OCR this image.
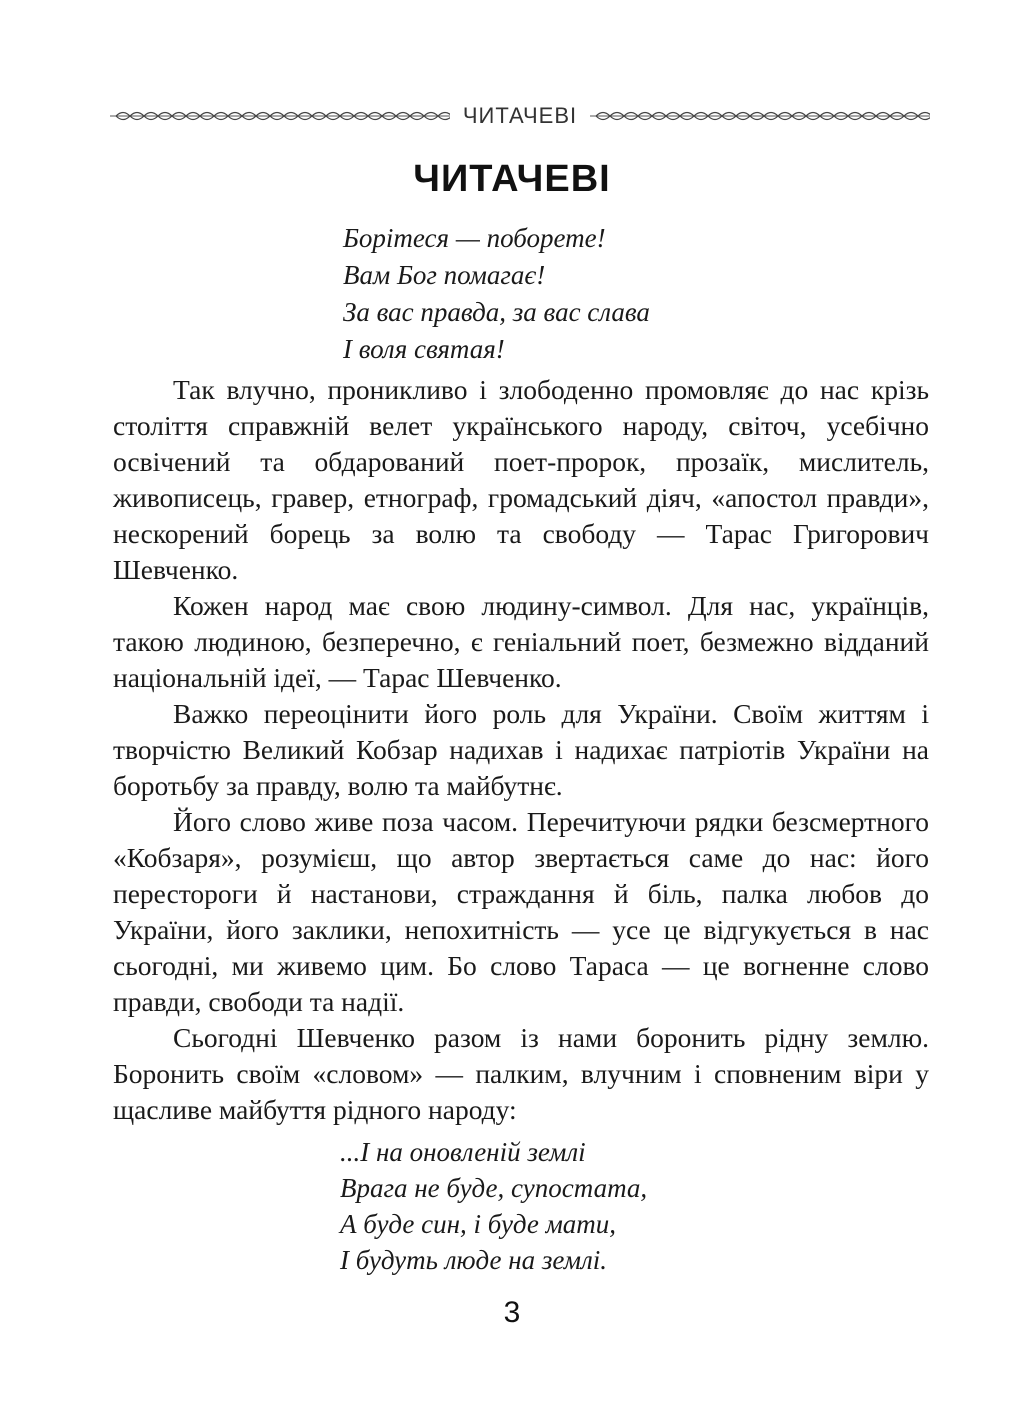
ЧИТАЧЕВІ
ЧИТАЧЕВІ
Борітеся — поборете!
Вам Бог помагає!
За вас правда, за вас слава
І воля святая!

Так влучно, проникливо і злободенно промовляє до нас крізь століття справжній велет українського народу, світоч, усебічно освічений та обдарований поет-пророк, прозаїк, мислитель, живописець, гравер, етнограф, громадський діяч, «апостол правди», нескорений борець за волю та свободу — Тарас Григорович Шевченко.

Кожен народ має свою людину-символ. Для нас, українців, такою людиною, безперечно, є геніальний поет, безмежно відданий національній ідеї, — Тарас Шевченко.

Важко переоцінити його роль для України. Своїм життям і творчістю Великий Кобзар надихав і надихає патріотів України на боротьбу за правду, волю та майбутнє.

Його слово живе поза часом. Перечитуючи рядки безсмертного «Кобзаря», розумієш, що автор звертається саме до нас: його перестороги й настанови, страждання й біль, палка любов до України, його заклики, непохитність — усе це відгукується в нас сьогодні, ми живемо цим. Бо слово Тараса — це вогненне слово правди, свободи та надії.

Сьогодні Шевченко разом із нами боронить рідну землю. Боронить своїм «словом» — палким, влучним і сповненим віри у щасливе майбуття рідного народу:

...І на оновленій землі
Врага не буде, супостата,
А буде син, і буде мати,
І будуть люде на землі.
3
